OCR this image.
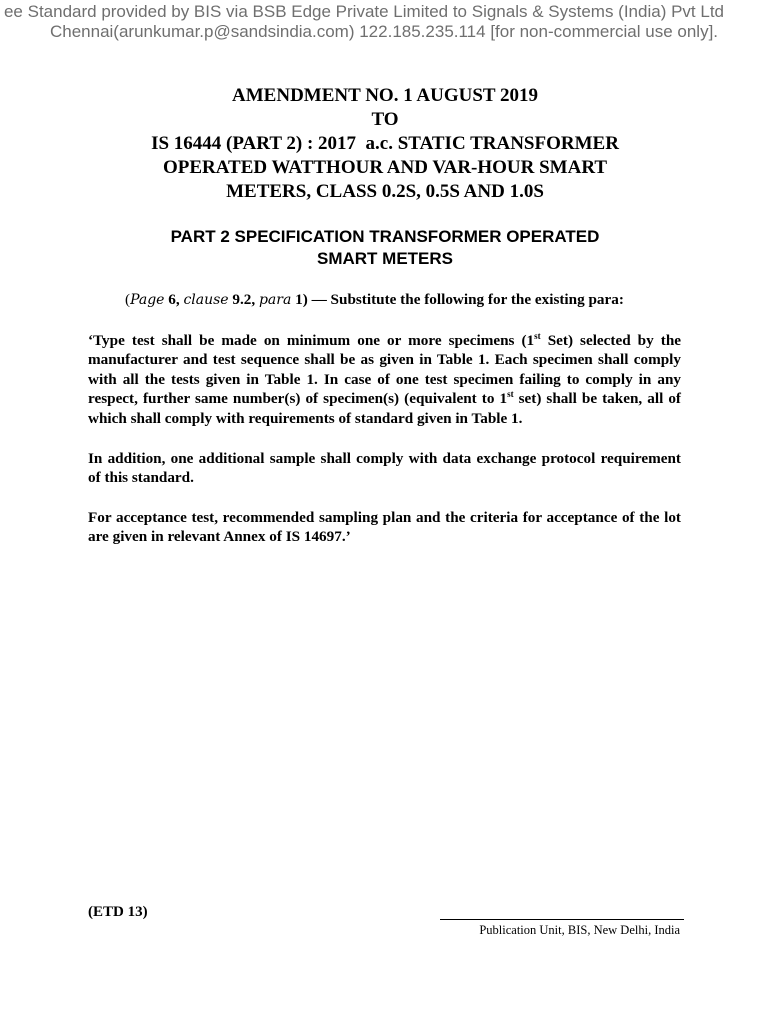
ee Standard provided by BIS via BSB Edge Private Limited to Signals & Systems (India) Pvt Ltd
Chennai(arunkumar.p@sandsindia.com) 122.185.235.114 [for non-commercial use only].
AMENDMENT NO. 1 AUGUST 2019
TO
IS 16444 (PART 2) : 2017  a.c. STATIC TRANSFORMER
OPERATED WATTHOUR AND VAR-HOUR SMART
METERS, CLASS 0.2S, 0.5S AND 1.0S
PART 2 SPECIFICATION TRANSFORMER OPERATED
SMART METERS

(Page 6, clause 9.2, para 1) — Substitute the following for the existing para:

‘Type test shall be made on minimum one or more specimens (1st Set) selected by the manufacturer and test sequence shall be as given in Table 1. Each specimen shall comply with all the tests given in Table 1. In case of one test specimen failing to comply in any respect, further same number(s) of specimen(s) (equivalent to 1st set) shall be taken, all of which shall comply with requirements of standard given in Table 1.

In addition, one additional sample shall comply with data exchange protocol requirement of this standard.

For acceptance test, recommended sampling plan and the criteria for acceptance of the lot are given in relevant Annex of IS 14697.’

(ETD 13)
Publication Unit, BIS, New Delhi, India
